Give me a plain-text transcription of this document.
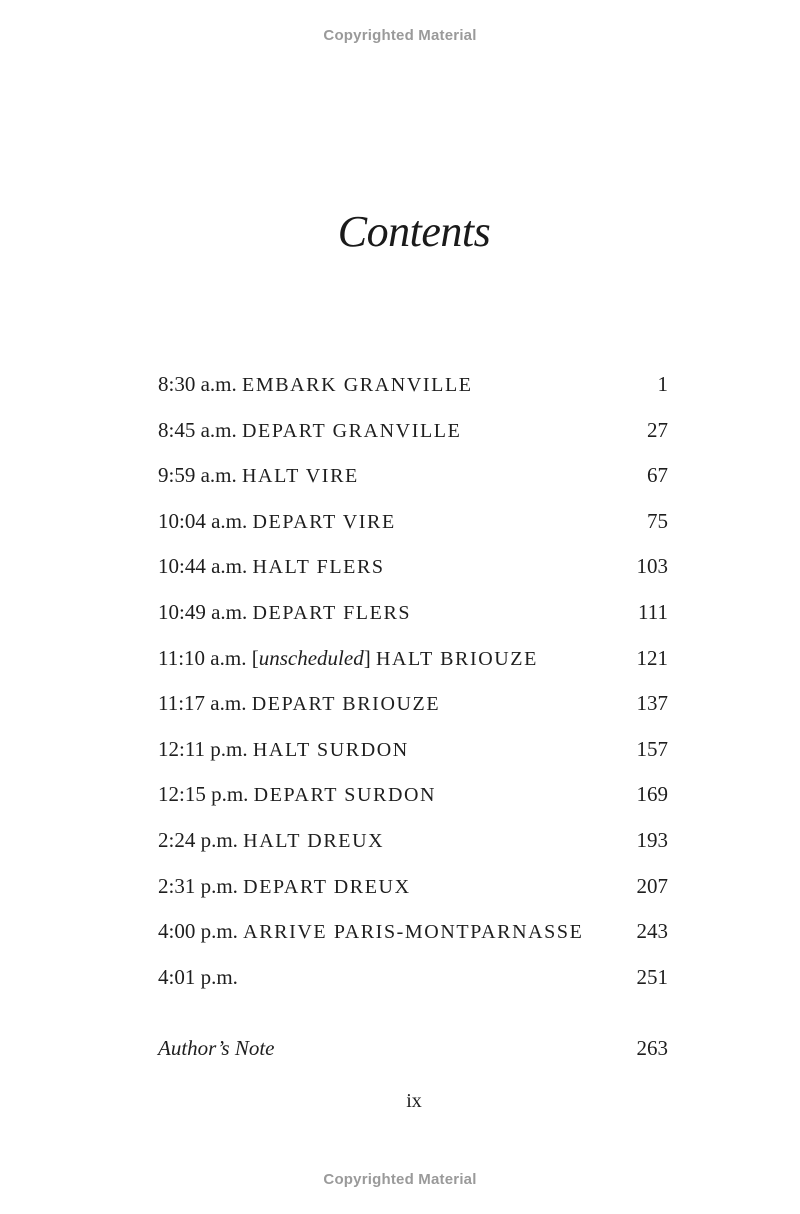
Copyrighted Material
Contents
8:30 a.m. EMBARK GRANVILLE	1
8:45 a.m. DEPART GRANVILLE	27
9:59 a.m. HALT VIRE	67
10:04 a.m. DEPART VIRE	75
10:44 a.m. HALT FLERS	103
10:49 a.m. DEPART FLERS	111
11:10 a.m. [unscheduled] HALT BRIOUZE	121
11:17 a.m. DEPART BRIOUZE	137
12:11 p.m. HALT SURDON	157
12:15 p.m. DEPART SURDON	169
2:24 p.m. HALT DREUX	193
2:31 p.m. DEPART DREUX	207
4:00 p.m. ARRIVE PARIS-MONTPARNASSE	243
4:01 p.m.	251
Author’s Note	263
ix
Copyrighted Material
